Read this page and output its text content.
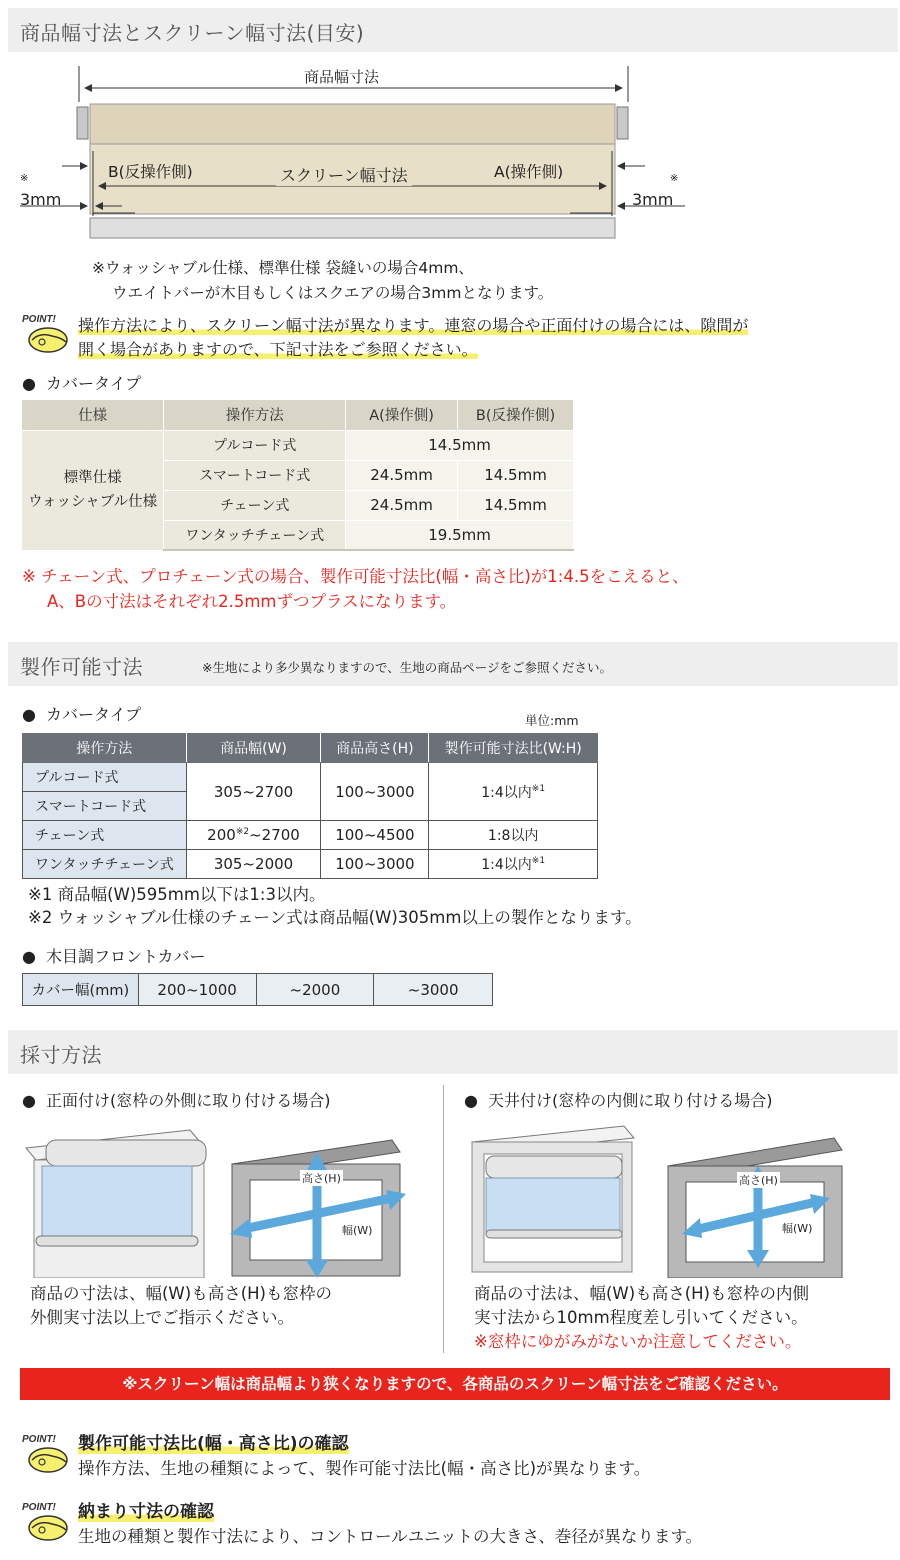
商品幅寸法とスクリーン幅寸法(目安)
商品幅寸法
B(反操作側)	スクリーン幅寸法	A(操作側)
※
3mm
※
3mm
※ウォッシャブル仕様、標準仕様 袋縫いの場合4mm、
ウエイトバーが木目もしくはスクエアの場合3mmとなります。
POINT! 操作方法により、スクリーン幅寸法が異なります。連窓の場合や正面付けの場合には、隙間が
開く場合がありますので、下記寸法をご参照ください。
● カバータイプ
仕様	操作方法	A(操作側)	B(反操作側)

標準仕様
ウォッシャブル仕様	プルコード式	14.5mm	
	スマートコード式	24.5mm	14.5mm
	チェーン式	24.5mm	14.5mm
	ワンタッチチェーン式	19.5mm	
※ チェーン式、プロチェーン式の場合、製作可能寸法比(幅・高さ比)が1:4.5をこえると、
A、Bの寸法はそれぞれ2.5mmずつプラスになります。
製作可能寸法	※生地により多少異なりますので、生地の商品ページをご参照ください。
● カバータイプ	単位:mm
操作方法	商品幅(W)	商品高さ(H)	製作可能寸法比(W:H)
プルコード式	305~2700	100~3000	1:4以内$^{※1}$
スマートコード式			
チェーン式	200$^{※2}$~2700	100~4500	1:8以内
ワンタッチチェーン式	305~2000	100~3000	1:4以内$^{※1}$
※1 商品幅(W)595mm以下は1:3以内。
※2 ウォッシャブル仕様のチェーン式は商品幅(W)305mm以上の製作となります。
● 木目調フロントカバー
カバー幅(mm)	200~1000	~2000	~3000
採寸方法
● 正面付け(窓枠の外側に取り付ける場合)	● 天井付け(窓枠の内側に取り付ける場合)
高さ(H)
幅(W)
高さ(H)
幅(W)
商品の寸法は、幅(W)も高さ(H)も窓枠の
外側実寸法以上でご指示ください。
商品の寸法は、幅(W)も高さ(H)も窓枠の内側
実寸法から10mm程度差し引いてください。
※窓枠にゆがみがないか注意してください。
※スクリーン幅は商品幅より狭くなりますので、各商品のスクリーン幅寸法をご確認ください。
POINT! 製作可能寸法比(幅・高さ比)の確認
操作方法、生地の種類によって、製作可能寸法比(幅・高さ比)が異なります。
POINT! 納まり寸法の確認
生地の種類と製作寸法により、コントロールユニットの大きさ、巻径が異なります。
